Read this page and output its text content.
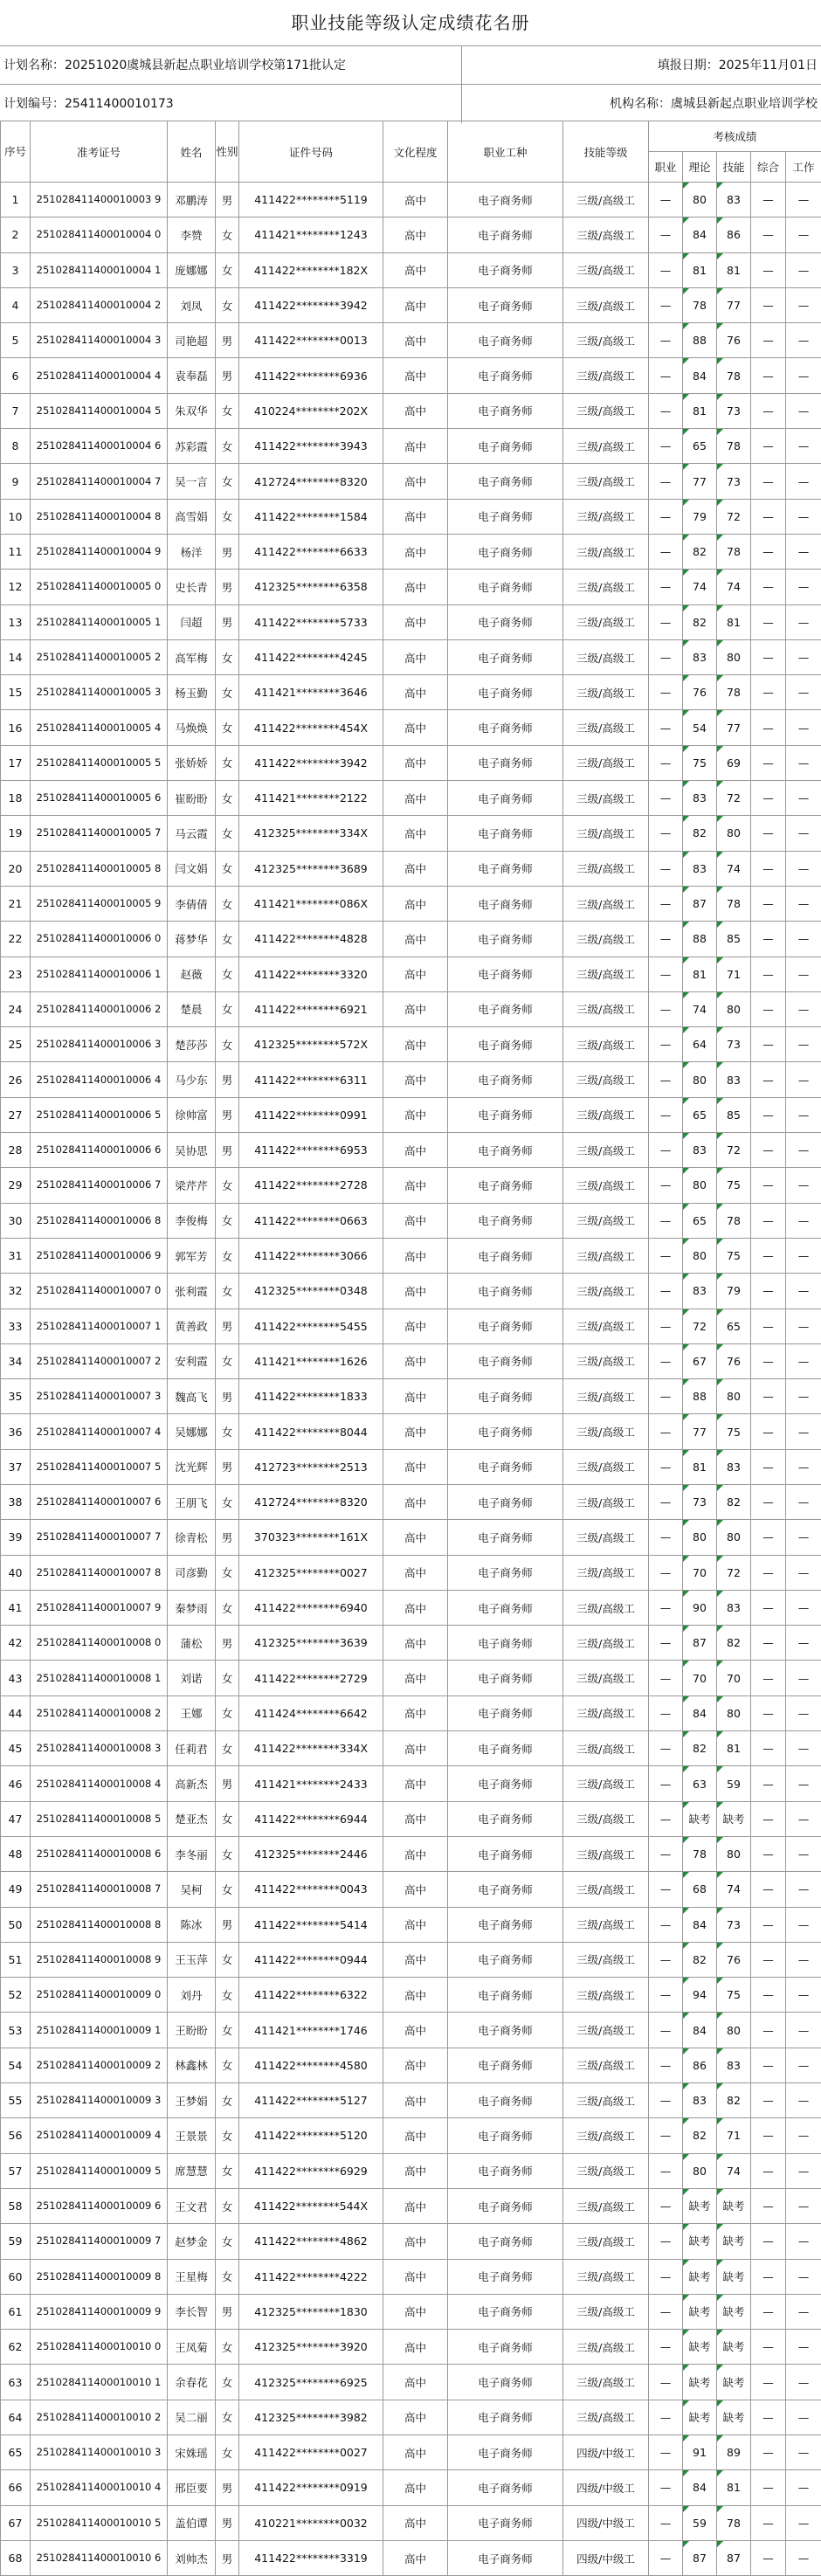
职业技能等级认定成绩花名册
计划名称：20251020虞城县新起点职业培训学校第171批认定	填报日期：2025年11月01日
计划编号：25411400010173	机构名称：虞城县新起点职业培训学校
序号	准考证号	姓名	性别	证件号码	文化程度	职业工种	技能等级	考核成绩				
								职业	理论	技能	综合	工作
1	251028411400010003 9	邓鹏涛	男	411422********5119	高中	电子商务师	三级/高级工	—	80	83	—	—
2	251028411400010004 0	李赞	女	411421********1243	高中	电子商务师	三级/高级工	—	84	86	—	—
3	251028411400010004 1	庞娜娜	女	411422********182X	高中	电子商务师	三级/高级工	—	81	81	—	—
4	251028411400010004 2	刘凤	女	411422********3942	高中	电子商务师	三级/高级工	—	78	77	—	—
5	251028411400010004 3	司艳超	男	411422********0013	高中	电子商务师	三级/高级工	—	88	76	—	—
6	251028411400010004 4	袁奉磊	男	411422********6936	高中	电子商务师	三级/高级工	—	84	78	—	—
7	251028411400010004 5	朱双华	女	410224********202X	高中	电子商务师	三级/高级工	—	81	73	—	—
8	251028411400010004 6	苏彩霞	女	411422********3943	高中	电子商务师	三级/高级工	—	65	78	—	—
9	251028411400010004 7	吴一言	女	412724********8320	高中	电子商务师	三级/高级工	—	77	73	—	—
10	251028411400010004 8	高雪娟	女	411422********1584	高中	电子商务师	三级/高级工	—	79	72	—	—
11	251028411400010004 9	杨洋	男	411422********6633	高中	电子商务师	三级/高级工	—	82	78	—	—
12	251028411400010005 0	史长青	男	412325********6358	高中	电子商务师	三级/高级工	—	74	74	—	—
13	251028411400010005 1	闫超	男	411422********5733	高中	电子商务师	三级/高级工	—	82	81	—	—
14	251028411400010005 2	高军梅	女	411422********4245	高中	电子商务师	三级/高级工	—	83	80	—	—
15	251028411400010005 3	杨玉勤	女	411421********3646	高中	电子商务师	三级/高级工	—	76	78	—	—
16	251028411400010005 4	马焕焕	女	411422********454X	高中	电子商务师	三级/高级工	—	54	77	—	—
17	251028411400010005 5	张娇娇	女	411422********3942	高中	电子商务师	三级/高级工	—	75	69	—	—
18	251028411400010005 6	崔盼盼	女	411421********2122	高中	电子商务师	三级/高级工	—	83	72	—	—
19	251028411400010005 7	马云霞	女	412325********334X	高中	电子商务师	三级/高级工	—	82	80	—	—
20	251028411400010005 8	闫文娟	女	412325********3689	高中	电子商务师	三级/高级工	—	83	74	—	—
21	251028411400010005 9	李倩倩	女	411421********086X	高中	电子商务师	三级/高级工	—	87	78	—	—
22	251028411400010006 0	蒋梦华	女	411422********4828	高中	电子商务师	三级/高级工	—	88	85	—	—
23	251028411400010006 1	赵薇	女	411422********3320	高中	电子商务师	三级/高级工	—	81	71	—	—
24	251028411400010006 2	楚晨	女	411422********6921	高中	电子商务师	三级/高级工	—	74	80	—	—
25	251028411400010006 3	楚莎莎	女	412325********572X	高中	电子商务师	三级/高级工	—	64	73	—	—
26	251028411400010006 4	马少东	男	411422********6311	高中	电子商务师	三级/高级工	—	80	83	—	—
27	251028411400010006 5	徐帅富	男	411422********0991	高中	电子商务师	三级/高级工	—	65	85	—	—
28	251028411400010006 6	吴协思	男	411422********6953	高中	电子商务师	三级/高级工	—	83	72	—	—
29	251028411400010006 7	梁芹芹	女	411422********2728	高中	电子商务师	三级/高级工	—	80	75	—	—
30	251028411400010006 8	李俊梅	女	411422********0663	高中	电子商务师	三级/高级工	—	65	78	—	—
31	251028411400010006 9	郭军芳	女	411422********3066	高中	电子商务师	三级/高级工	—	80	75	—	—
32	251028411400010007 0	张利霞	女	412325********0348	高中	电子商务师	三级/高级工	—	83	79	—	—
33	251028411400010007 1	黄善政	男	411422********5455	高中	电子商务师	三级/高级工	—	72	65	—	—
34	251028411400010007 2	安利霞	女	411421********1626	高中	电子商务师	三级/高级工	—	67	76	—	—
35	251028411400010007 3	魏高飞	男	411422********1833	高中	电子商务师	三级/高级工	—	88	80	—	—
36	251028411400010007 4	吴娜娜	女	411422********8044	高中	电子商务师	三级/高级工	—	77	75	—	—
37	251028411400010007 5	沈光辉	男	412723********2513	高中	电子商务师	三级/高级工	—	81	83	—	—
38	251028411400010007 6	王朋飞	女	412724********8320	高中	电子商务师	三级/高级工	—	73	82	—	—
39	251028411400010007 7	徐青松	男	370323********161X	高中	电子商务师	三级/高级工	—	80	80	—	—
40	251028411400010007 8	司彦勤	女	412325********0027	高中	电子商务师	三级/高级工	—	70	72	—	—
41	251028411400010007 9	秦梦雨	女	411422********6940	高中	电子商务师	三级/高级工	—	90	83	—	—
42	251028411400010008 0	蒲松	男	412325********3639	高中	电子商务师	三级/高级工	—	87	82	—	—
43	251028411400010008 1	刘诺	女	411422********2729	高中	电子商务师	三级/高级工	—	70	70	—	—
44	251028411400010008 2	王娜	女	411424********6642	高中	电子商务师	三级/高级工	—	84	80	—	—
45	251028411400010008 3	任莉君	女	411422********334X	高中	电子商务师	三级/高级工	—	82	81	—	—
46	251028411400010008 4	高新杰	男	411421********2433	高中	电子商务师	三级/高级工	—	63	59	—	—
47	251028411400010008 5	楚亚杰	女	411422********6944	高中	电子商务师	三级/高级工	—	缺考	缺考	—	—
48	251028411400010008 6	李冬丽	女	412325********2446	高中	电子商务师	三级/高级工	—	78	80	—	—
49	251028411400010008 7	吴柯	女	411422********0043	高中	电子商务师	三级/高级工	—	68	74	—	—
50	251028411400010008 8	陈冰	男	411422********5414	高中	电子商务师	三级/高级工	—	84	73	—	—
51	251028411400010008 9	王玉萍	女	411422********0944	高中	电子商务师	三级/高级工	—	82	76	—	—
52	251028411400010009 0	刘丹	女	411422********6322	高中	电子商务师	三级/高级工	—	94	75	—	—
53	251028411400010009 1	王盼盼	女	411421********1746	高中	电子商务师	三级/高级工	—	84	80	—	—
54	251028411400010009 2	林鑫林	女	411422********4580	高中	电子商务师	三级/高级工	—	86	83	—	—
55	251028411400010009 3	王梦娟	女	411422********5127	高中	电子商务师	三级/高级工	—	83	82	—	—
56	251028411400010009 4	王景景	女	411422********5120	高中	电子商务师	三级/高级工	—	82	71	—	—
57	251028411400010009 5	席慧慧	女	411422********6929	高中	电子商务师	三级/高级工	—	80	74	—	—
58	251028411400010009 6	王文君	女	411422********544X	高中	电子商务师	三级/高级工	—	缺考	缺考	—	—
59	251028411400010009 7	赵梦金	女	411422********4862	高中	电子商务师	三级/高级工	—	缺考	缺考	—	—
60	251028411400010009 8	王星梅	女	411422********4222	高中	电子商务师	三级/高级工	—	缺考	缺考	—	—
61	251028411400010009 9	李长智	男	412325********1830	高中	电子商务师	三级/高级工	—	缺考	缺考	—	—
62	251028411400010010 0	王凤菊	女	412325********3920	高中	电子商务师	三级/高级工	—	缺考	缺考	—	—
63	251028411400010010 1	余春花	女	412325********6925	高中	电子商务师	三级/高级工	—	缺考	缺考	—	—
64	251028411400010010 2	吴二丽	女	412325********3982	高中	电子商务师	三级/高级工	—	缺考	缺考	—	—
65	251028411400010010 3	宋姝瑶	女	411422********0027	高中	电子商务师	四级/中级工	—	91	89	—	—
66	251028411400010010 4	邢臣要	男	411422********0919	高中	电子商务师	四级/中级工	—	84	81	—	—
67	251028411400010010 5	盖伯谭	男	410221********0032	高中	电子商务师	四级/中级工	—	59	78	—	—
68	251028411400010010 6	刘帅杰	男	411422********3319	高中	电子商务师	四级/中级工	—	87	87	—	—
